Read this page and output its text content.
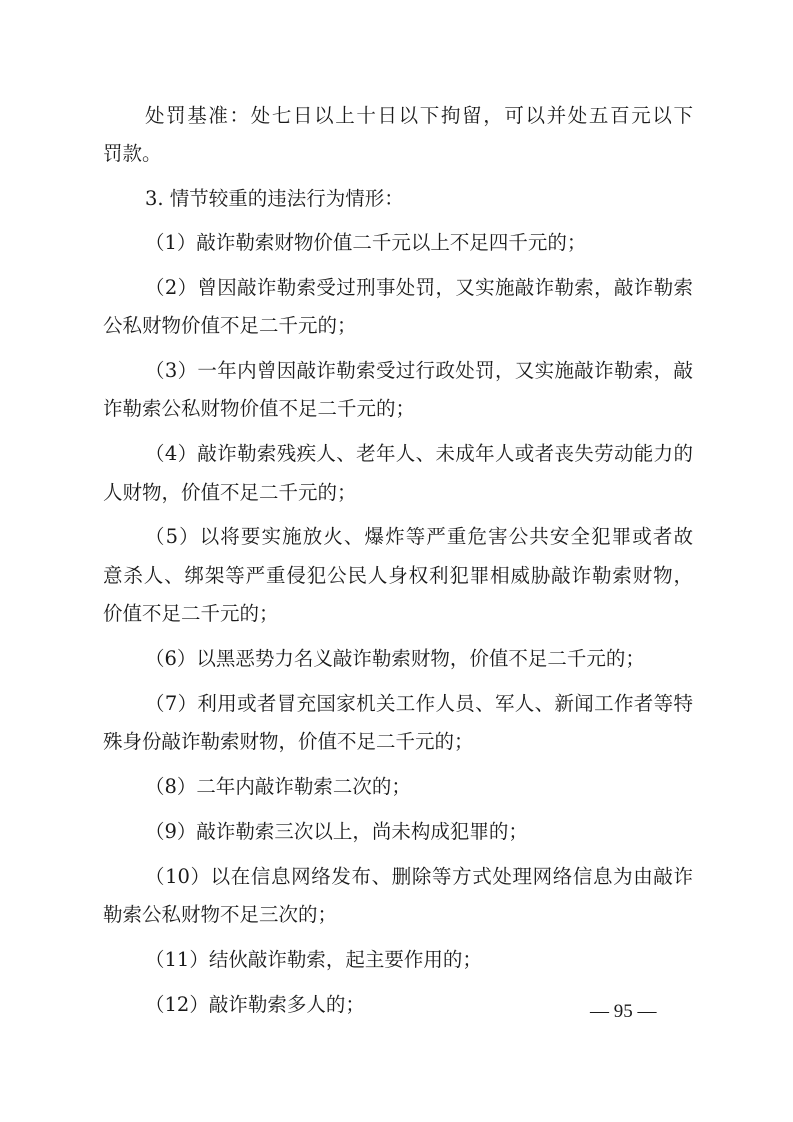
处罚基准：处七日以上十日以下拘留，可以并处五百元以下
罚款。
3. 情节较重的违法行为情形：
（1）敲诈勒索财物价值二千元以上不足四千元的；
（2）曾因敲诈勒索受过刑事处罚，又实施敲诈勒索，敲诈勒索
公私财物价值不足二千元的；
（3）一年内曾因敲诈勒索受过行政处罚，又实施敲诈勒索，敲
诈勒索公私财物价值不足二千元的；
（4）敲诈勒索残疾人、老年人、未成年人或者丧失劳动能力的
人财物，价值不足二千元的；
（5）以将要实施放火、爆炸等严重危害公共安全犯罪或者故
意杀人、绑架等严重侵犯公民人身权利犯罪相威胁敲诈勒索财物，
价值不足二千元的；
（6）以黑恶势力名义敲诈勒索财物，价值不足二千元的；
（7）利用或者冒充国家机关工作人员、军人、新闻工作者等特
殊身份敲诈勒索财物，价值不足二千元的；
（8）二年内敲诈勒索二次的；
（9）敲诈勒索三次以上，尚未构成犯罪的；
（10）以在信息网络发布、删除等方式处理网络信息为由敲诈
勒索公私财物不足三次的；
（11）结伙敲诈勒索，起主要作用的；
（12）敲诈勒索多人的；	— 95 —
